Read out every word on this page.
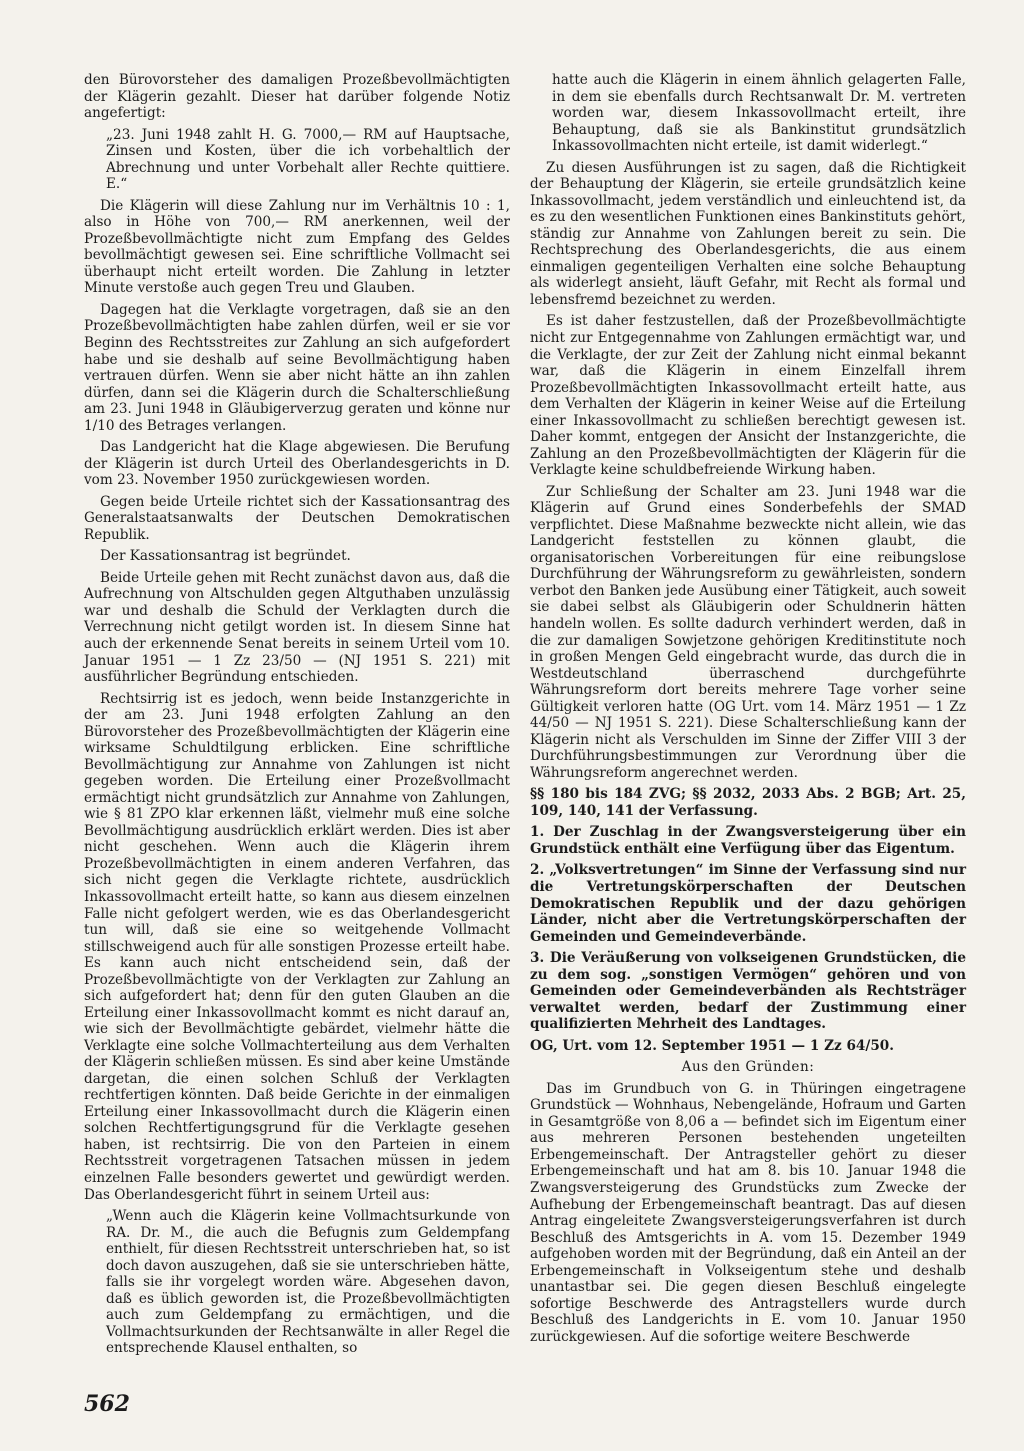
den Bürovorsteher des damaligen Prozeßbevollmächtigten der Klägerin gezahlt. Dieser hat darüber folgende Notiz angefertigt:

„23. Juni 1948 zahlt H. G. 7000,— RM auf Hauptsache, Zinsen und Kosten, über die ich vorbehaltlich der Abrechnung und unter Vorbehalt aller Rechte quittiere. E.“

Die Klägerin will diese Zahlung nur im Verhältnis 10 : 1, also in Höhe von 700,— RM anerkennen, weil der Prozeßbevollmächtigte nicht zum Empfang des Geldes bevollmächtigt gewesen sei. Eine schriftliche Vollmacht sei überhaupt nicht erteilt worden. Die Zahlung in letzter Minute verstoße auch gegen Treu und Glauben.

Dagegen hat die Verklagte vorgetragen, daß sie an den Prozeßbevollmächtigten habe zahlen dürfen, weil er sie vor Beginn des Rechtsstreites zur Zahlung an sich aufgefordert habe und sie deshalb auf seine Bevollmächtigung haben vertrauen dürfen. Wenn sie aber nicht hätte an ihn zahlen dürfen, dann sei die Klägerin durch die Schalterschließung am 23. Juni 1948 in Gläubigerverzug geraten und könne nur 1/10 des Betrages verlangen.

Das Landgericht hat die Klage abgewiesen. Die Berufung der Klägerin ist durch Urteil des Oberlandesgerichts in D. vom 23. November 1950 zurückgewiesen worden.

Gegen beide Urteile richtet sich der Kassationsantrag des Generalstaatsanwalts der Deutschen Demokratischen Republik.

Der Kassationsantrag ist begründet.

Beide Urteile gehen mit Recht zunächst davon aus, daß die Aufrechnung von Altschulden gegen Altguthaben unzulässig war und deshalb die Schuld der Verklagten durch die Verrechnung nicht getilgt worden ist. In diesem Sinne hat auch der erkennende Senat bereits in seinem Urteil vom 10. Januar 1951 — 1 Zz 23/50 — (NJ 1951 S. 221) mit ausführlicher Begründung entschieden.

Rechtsirrig ist es jedoch, wenn beide Instanzgerichte in der am 23. Juni 1948 erfolgten Zahlung an den Bürovorsteher des Prozeßbevollmächtigten der Klägerin eine wirksame Schuldtilgung erblicken. Eine schriftliche Bevollmächtigung zur Annahme von Zahlungen ist nicht gegeben worden. Die Erteilung einer Prozeßvollmacht ermächtigt nicht grundsätzlich zur Annahme von Zahlungen, wie § 81 ZPO klar erkennen läßt, vielmehr muß eine solche Bevollmächtigung ausdrücklich erklärt werden. Dies ist aber nicht geschehen. Wenn auch die Klägerin ihrem Prozeßbevollmächtigten in einem anderen Verfahren, das sich nicht gegen die Verklagte richtete, ausdrücklich Inkassovollmacht erteilt hatte, so kann aus diesem einzelnen Falle nicht gefolgert werden, wie es das Oberlandesgericht tun will, daß sie eine so weitgehende Vollmacht stillschweigend auch für alle sonstigen Prozesse erteilt habe. Es kann auch nicht entscheidend sein, daß der Prozeßbevollmächtigte von der Verklagten zur Zahlung an sich aufgefordert hat; denn für den guten Glauben an die Erteilung einer Inkassovollmacht kommt es nicht darauf an, wie sich der Bevollmächtigte gebärdet, vielmehr hätte die Verklagte eine solche Vollmachterteilung aus dem Verhalten der Klägerin schließen müssen. Es sind aber keine Umstände dargetan, die einen solchen Schluß der Verklagten rechtfertigen könnten. Daß beide Gerichte in der einmaligen Erteilung einer Inkassovollmacht durch die Klägerin einen solchen Rechtfertigungsgrund für die Verklagte gesehen haben, ist rechtsirrig. Die von den Parteien in einem Rechtsstreit vorgetragenen Tatsachen müssen in jedem einzelnen Falle besonders gewertet und gewürdigt werden. Das Oberlandesgericht führt in seinem Urteil aus:

„Wenn auch die Klägerin keine Vollmachtsurkunde von RA. Dr. M., die auch die Befugnis zum Geldempfang enthielt, für diesen Rechtsstreit unterschrieben hat, so ist doch davon auszugehen, daß sie sie unterschrieben hätte, falls sie ihr vorgelegt worden wäre. Abgesehen davon, daß es üblich geworden ist, die Prozeßbevollmächtigten auch zum Geldempfang zu ermächtigen, und die Vollmachtsurkunden der Rechtsanwälte in aller Regel die entsprechende Klausel enthalten, so

hatte auch die Klägerin in einem ähnlich gelagerten Falle, in dem sie ebenfalls durch Rechtsanwalt Dr. M. vertreten worden war, diesem Inkassovollmacht erteilt, ihre Behauptung, daß sie als Bankinstitut grundsätzlich Inkassovollmachten nicht erteile, ist damit widerlegt.“

Zu diesen Ausführungen ist zu sagen, daß die Richtigkeit der Behauptung der Klägerin, sie erteile grundsätzlich keine Inkassovollmacht, jedem verständlich und einleuchtend ist, da es zu den wesentlichen Funktionen eines Bankinstituts gehört, ständig zur Annahme von Zahlungen bereit zu sein. Die Rechtsprechung des Oberlandesgerichts, die aus einem einmaligen gegenteiligen Verhalten eine solche Behauptung als widerlegt ansieht, läuft Gefahr, mit Recht als formal und lebensfremd bezeichnet zu werden.

Es ist daher festzustellen, daß der Prozeßbevollmächtigte nicht zur Entgegennahme von Zahlungen ermächtigt war, und die Verklagte, der zur Zeit der Zahlung nicht einmal bekannt war, daß die Klägerin in einem Einzelfall ihrem Prozeßbevollmächtigten Inkassovollmacht erteilt hatte, aus dem Verhalten der Klägerin in keiner Weise auf die Erteilung einer Inkassovollmacht zu schließen berechtigt gewesen ist. Daher kommt, entgegen der Ansicht der Instanzgerichte, die Zahlung an den Prozeßbevollmächtigten der Klägerin für die Verklagte keine schuldbefreiende Wirkung haben.

Zur Schließung der Schalter am 23. Juni 1948 war die Klägerin auf Grund eines Sonderbefehls der SMAD verpflichtet. Diese Maßnahme bezweckte nicht allein, wie das Landgericht feststellen zu können glaubt, die organisatorischen Vorbereitungen für eine reibungslose Durchführung der Währungsreform zu gewährleisten, sondern verbot den Banken jede Ausübung einer Tätigkeit, auch soweit sie dabei selbst als Gläubigerin oder Schuldnerin hätten handeln wollen. Es sollte dadurch verhindert werden, daß in die zur damaligen Sowjetzone gehörigen Kreditinstitute noch in großen Mengen Geld eingebracht wurde, das durch die in Westdeutschland überraschend durchgeführte Währungsreform dort bereits mehrere Tage vorher seine Gültigkeit verloren hatte (OG Urt. vom 14. März 1951 — 1 Zz 44/50 — NJ 1951 S. 221). Diese Schalterschließung kann der Klägerin nicht als Verschulden im Sinne der Ziffer VIII 3 der Durchführungsbestimmungen zur Verordnung über die Währungsreform angerechnet werden.

§§ 180 bis 184 ZVG; §§ 2032, 2033 Abs. 2 BGB; Art. 25, 109, 140, 141 der Verfassung.

1. Der Zuschlag in der Zwangsversteigerung über ein Grundstück enthält eine Verfügung über das Eigentum.

2. „Volksvertretungen“ im Sinne der Verfassung sind nur die Vertretungskörperschaften der Deutschen Demokratischen Republik und der dazu gehörigen Länder, nicht aber die Vertretungskörperschaften der Gemeinden und Gemeindeverbände.

3. Die Veräußerung von volkseigenen Grundstücken, die zu dem sog. „sonstigen Vermögen“ gehören und von Gemeinden oder Gemeindeverbänden als Rechtsträger verwaltet werden, bedarf der Zustimmung einer qualifizierten Mehrheit des Landtages.

OG, Urt. vom 12. September 1951 — 1 Zz 64/50.

Aus den Gründen:

Das im Grundbuch von G. in Thüringen eingetragene Grundstück — Wohnhaus, Nebengelände, Hofraum und Garten in Gesamtgröße von 8,06 a — befindet sich im Eigentum einer aus mehreren Personen bestehenden ungeteilten Erbengemeinschaft. Der Antragsteller gehört zu dieser Erbengemeinschaft und hat am 8. bis 10. Januar 1948 die Zwangsversteigerung des Grundstücks zum Zwecke der Aufhebung der Erbengemeinschaft beantragt. Das auf diesen Antrag eingeleitete Zwangsversteigerungsverfahren ist durch Beschluß des Amtsgerichts in A. vom 15. Dezember 1949 aufgehoben worden mit der Begründung, daß ein Anteil an der Erbengemeinschaft in Volkseigentum stehe und deshalb unantastbar sei. Die gegen diesen Beschluß eingelegte sofortige Beschwerde des Antragstellers wurde durch Beschluß des Landgerichts in E. vom 10. Januar 1950 zurückgewiesen. Auf die sofortige weitere Beschwerde

562
